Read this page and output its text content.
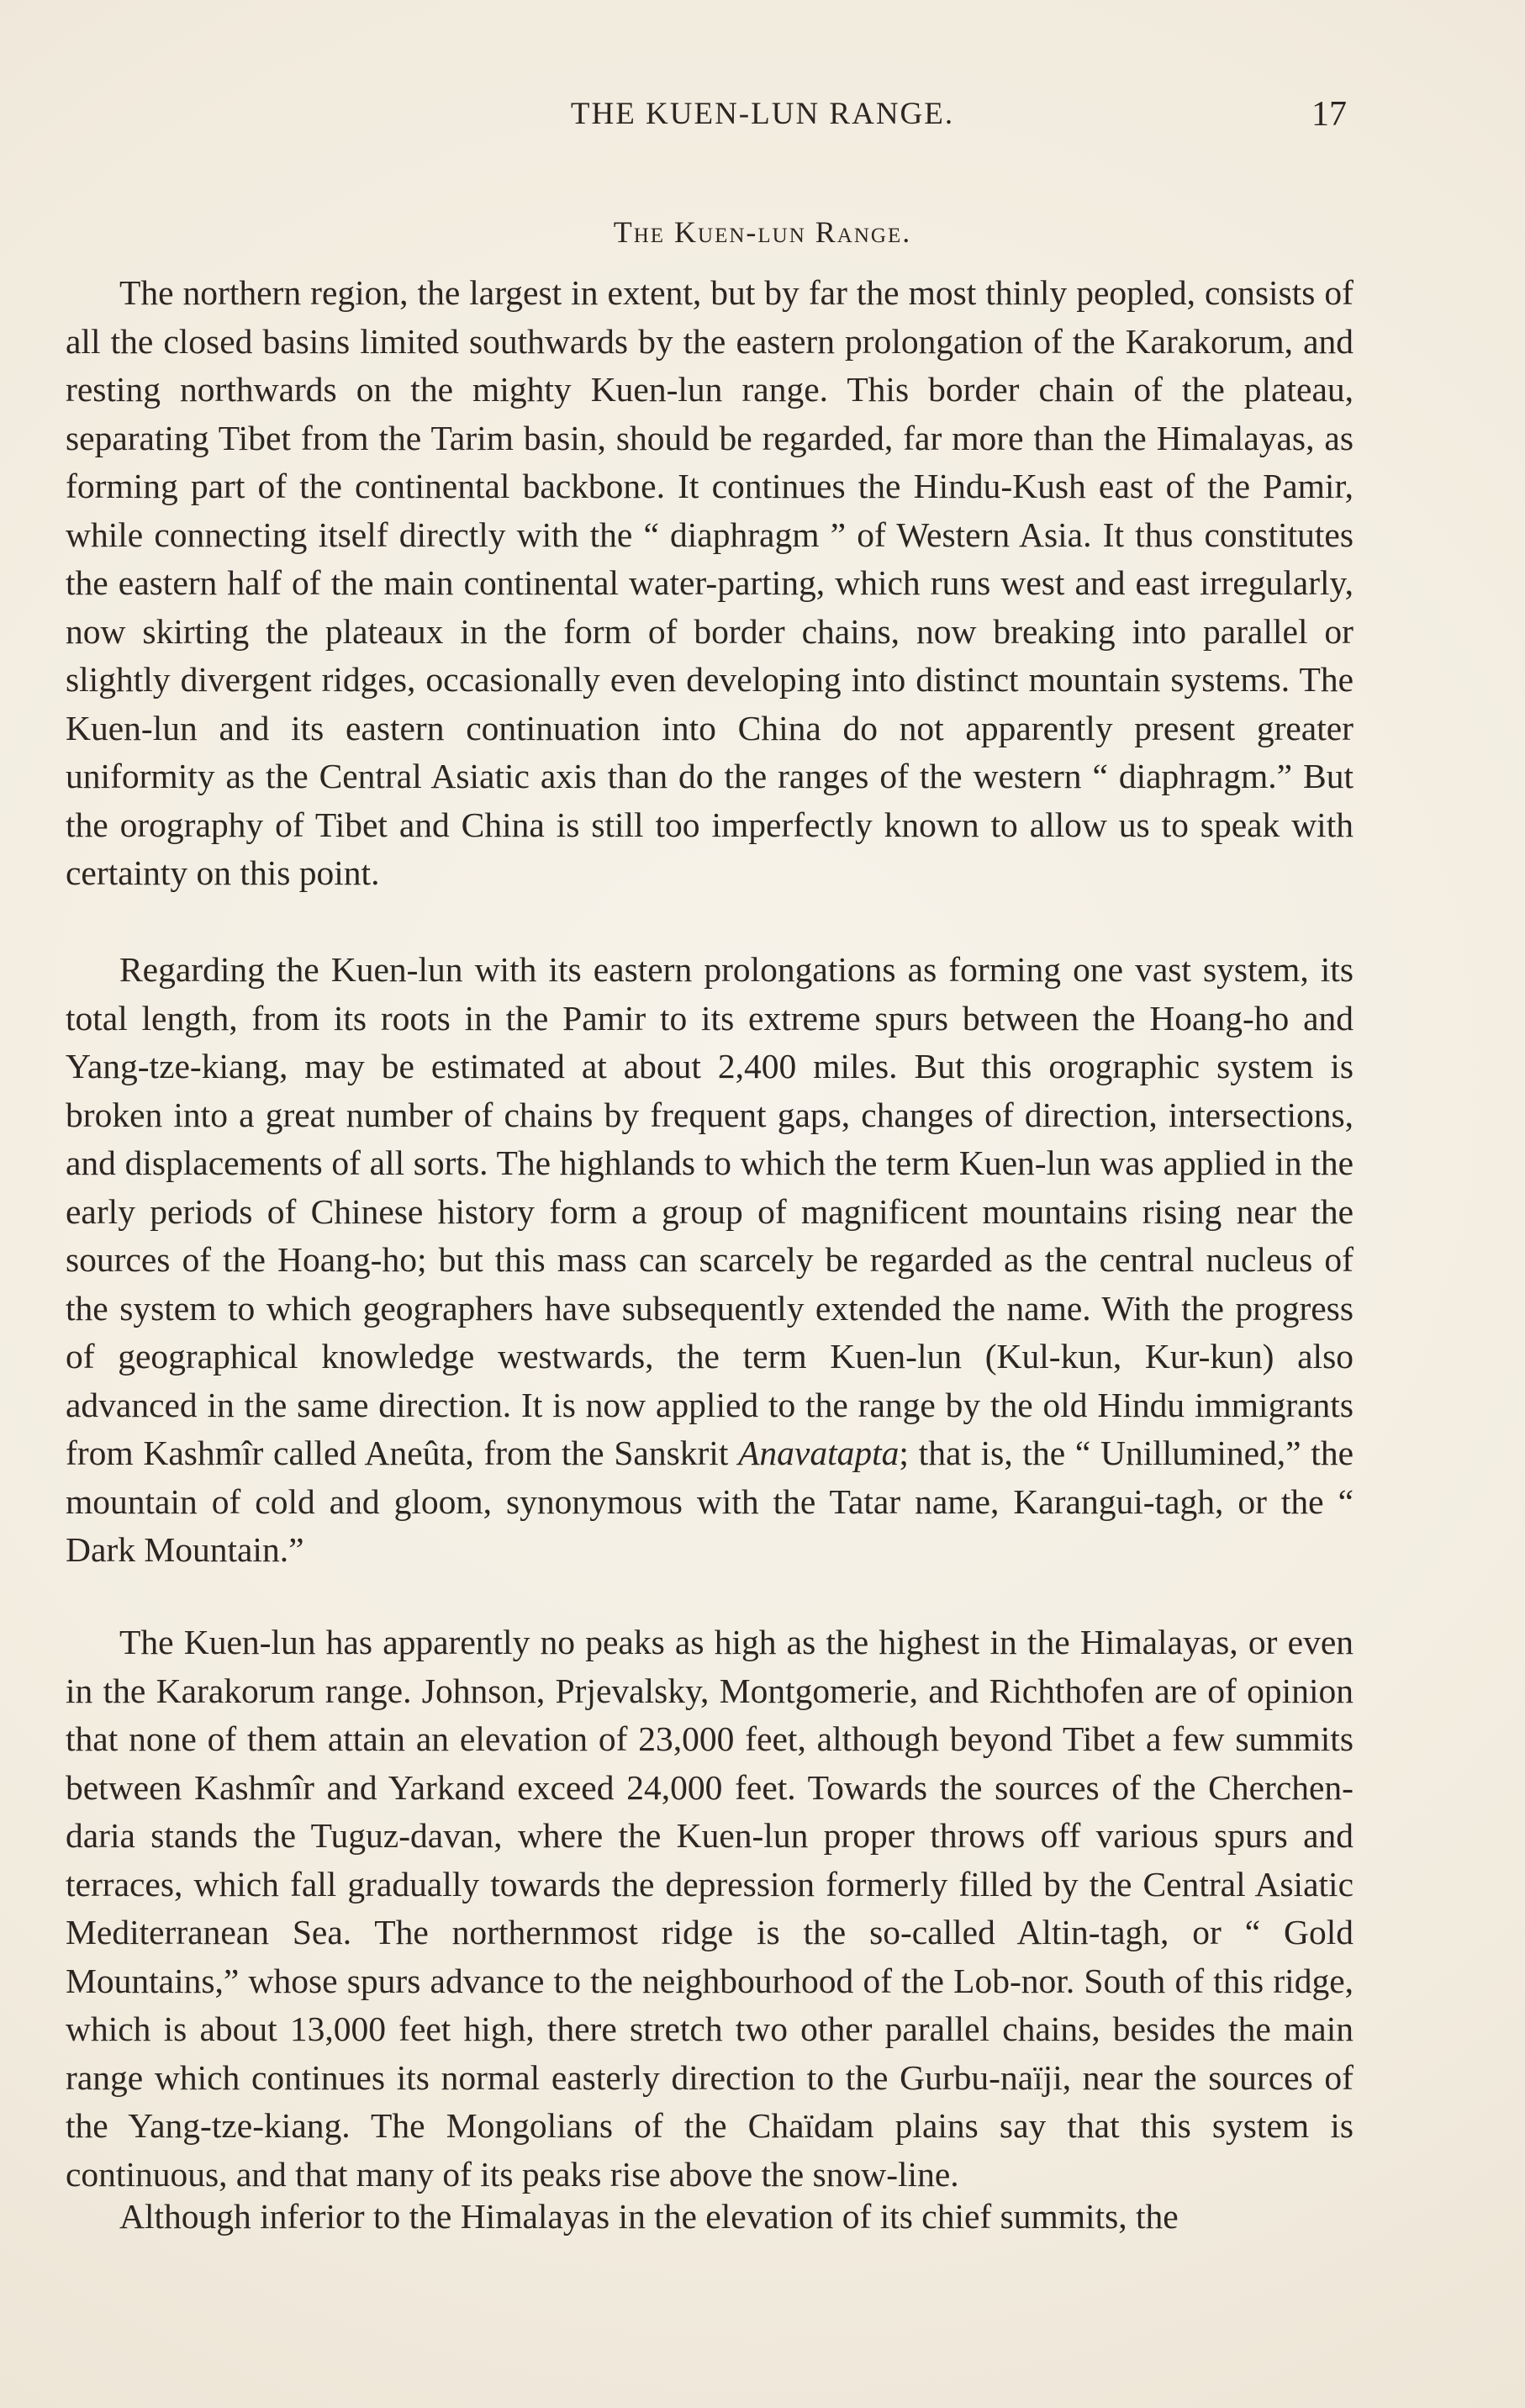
THE KUEN-LUN RANGE.	17
The Kuen-lun Range.

The northern region, the largest in extent, but by far the most thinly peopled, consists of all the closed basins limited southwards by the eastern prolongation of the Karakorum, and resting northwards on the mighty Kuen-lun range. This border chain of the plateau, separating Tibet from the Tarim basin, should be regarded, far more than the Himalayas, as forming part of the continental backbone. It continues the Hindu-Kush east of the Pamir, while connecting itself directly with the “ diaphragm ” of Western Asia. It thus constitutes the eastern half of the main continental water-parting, which runs west and east irregularly, now skirting the plateaux in the form of border chains, now breaking into parallel or slightly divergent ridges, occasionally even developing into distinct mountain systems. The Kuen-lun and its eastern continuation into China do not apparently present greater uniformity as the Central Asiatic axis than do the ranges of the western “ diaphragm.” But the orography of Tibet and China is still too imperfectly known to allow us to speak with certainty on this point.

Regarding the Kuen-lun with its eastern prolongations as forming one vast system, its total length, from its roots in the Pamir to its extreme spurs between the Hoang-ho and Yang-tze-kiang, may be estimated at about 2,400 miles. But this orographic system is broken into a great number of chains by frequent gaps, changes of direction, intersections, and displacements of all sorts. The highlands to which the term Kuen-lun was applied in the early periods of Chinese history form a group of magnificent mountains rising near the sources of the Hoang-ho; but this mass can scarcely be regarded as the central nucleus of the system to which geographers have subsequently extended the name. With the progress of geographical knowledge westwards, the term Kuen-lun (Kul-kun, Kur-kun) also advanced in the same direction. It is now applied to the range by the old Hindu immigrants from Kashmîr called Aneûta, from the Sanskrit Anavatapta; that is, the “ Unillumined,” the mountain of cold and gloom, synonymous with the Tatar name, Karangui-tagh, or the “ Dark Mountain.”

The Kuen-lun has apparently no peaks as high as the highest in the Himalayas, or even in the Karakorum range. Johnson, Prjevalsky, Montgomerie, and Richthofen are of opinion that none of them attain an elevation of 23,000 feet, although beyond Tibet a few summits between Kashmîr and Yarkand exceed 24,000 feet. Towards the sources of the Cherchen-daria stands the Tuguz-davan, where the Kuen-lun proper throws off various spurs and terraces, which fall gradually towards the depression formerly filled by the Central Asiatic Mediterranean Sea. The northernmost ridge is the so-called Altin-tagh, or “ Gold Mountains,” whose spurs advance to the neighbourhood of the Lob-nor. South of this ridge, which is about 13,000 feet high, there stretch two other parallel chains, besides the main range which continues its normal easterly direction to the Gurbu-naïji, near the sources of the Yang-tze-kiang. The Mongolians of the Chaïdam plains say that this system is continuous, and that many of its peaks rise above the snow-line.

Although inferior to the Himalayas in the elevation of its chief summits, the
